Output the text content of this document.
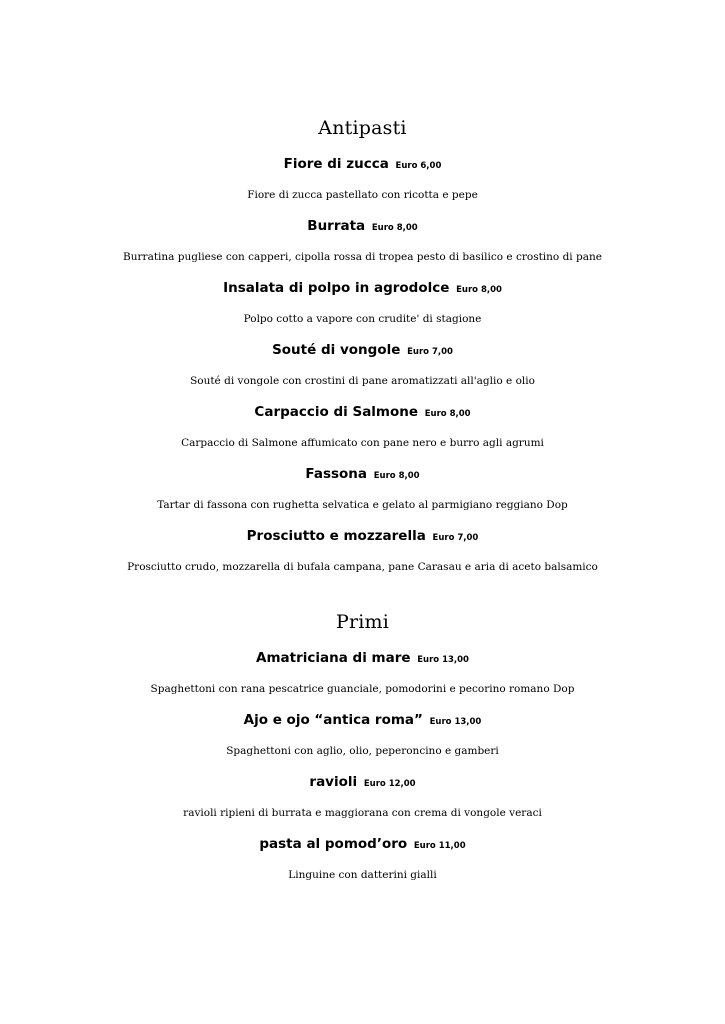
Antipasti

Fiore di zucca Euro 6,00

Fiore di zucca pastellato con ricotta e pepe

Burrata Euro 8,00

Burratina pugliese con capperi, cipolla rossa di tropea pesto di basilico e crostino di pane

Insalata di polpo in agrodolce Euro 8,00

Polpo cotto a vapore con crudite' di stagione

Souté di vongole Euro 7,00

Souté di vongole con crostini di pane aromatizzati all'aglio e olio

Carpaccio di Salmone Euro 8,00

Carpaccio di Salmone affumicato con pane nero e burro agli agrumi

Fassona Euro 8,00

Tartar di fassona con rughetta selvatica e gelato al parmigiano reggiano Dop

Prosciutto e mozzarella Euro 7,00

Prosciutto crudo, mozzarella di bufala campana, pane Carasau e aria di aceto balsamico

Primi

Amatriciana di mare Euro 13,00

Spaghettoni con rana pescatrice guanciale, pomodorini e pecorino romano Dop

Ajo e ojo “antica roma” Euro 13,00

Spaghettoni con aglio, olio, peperoncino e gamberi

ravioli Euro 12,00

ravioli ripieni di burrata e maggiorana con crema di vongole veraci

pasta al pomod’oro Euro 11,00

Linguine con datterini gialli
